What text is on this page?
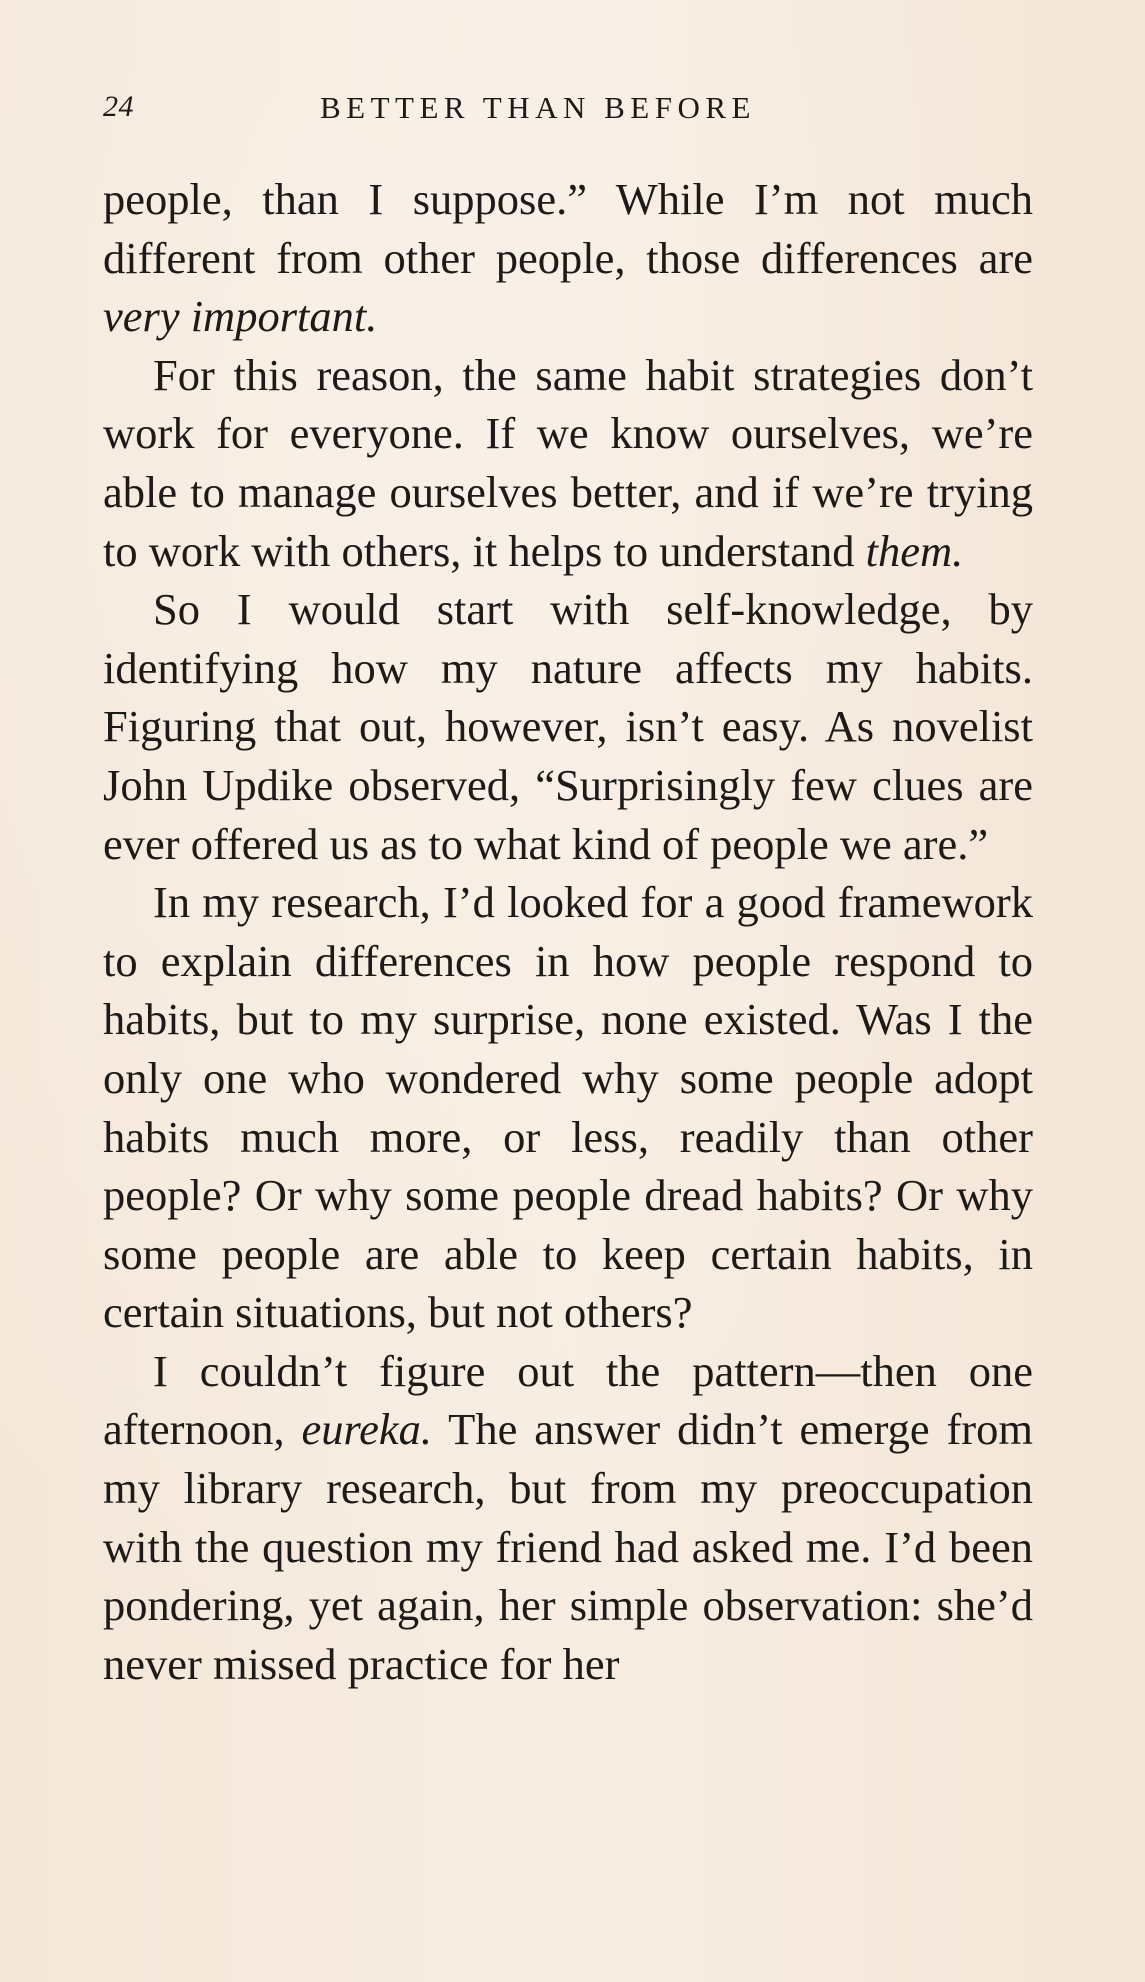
24	BETTER THAN BEFORE

people, than I suppose.” While I’m not much different from other people, those differences are very important.

For this reason, the same habit strategies don’t work for everyone. If we know ourselves, we’re able to manage ourselves better, and if we’re trying to work with others, it helps to understand them.

So I would start with self-knowledge, by identifying how my nature affects my habits. Figuring that out, however, isn’t easy. As novelist John Updike observed, “Surprisingly few clues are ever offered us as to what kind of people we are.”

In my research, I’d looked for a good framework to explain differences in how people respond to habits, but to my surprise, none existed. Was I the only one who wondered why some people adopt habits much more, or less, readily than other people? Or why some people dread habits? Or why some people are able to keep certain habits, in certain situations, but not others?

I couldn’t figure out the pattern—then one afternoon, eureka. The answer didn’t emerge from my library research, but from my preoccupation with the question my friend had asked me. I’d been pondering, yet again, her simple observation: she’d never missed practice for her
